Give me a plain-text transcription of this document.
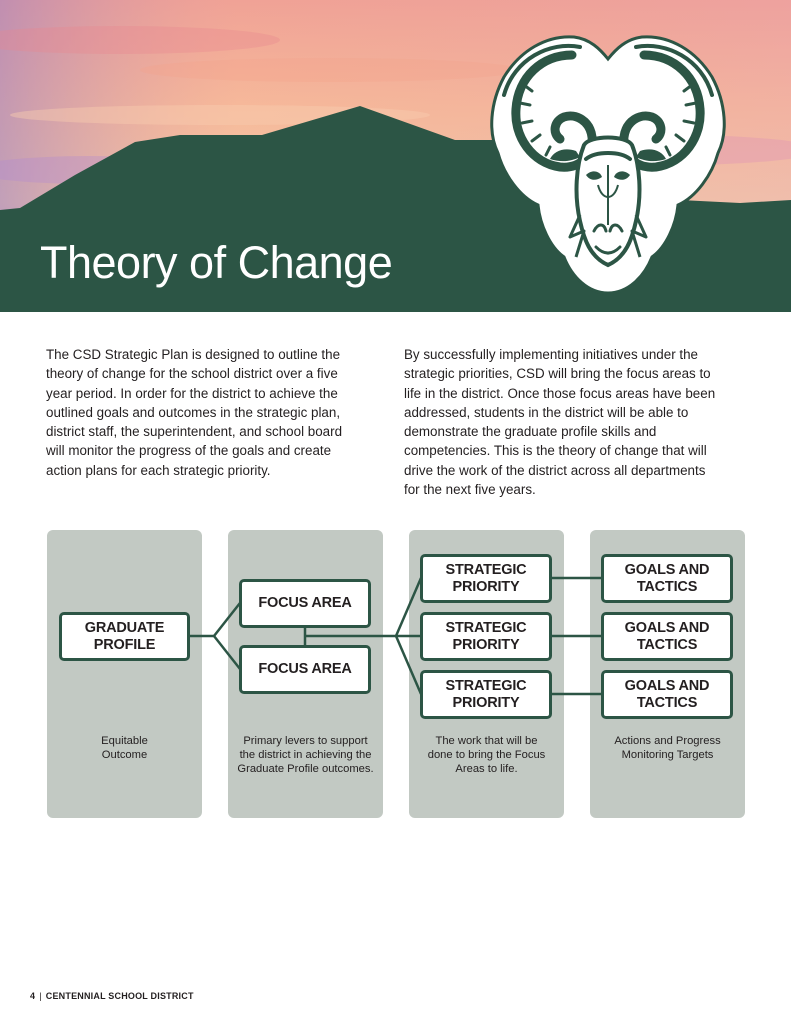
Theory of Change

The CSD Strategic Plan is designed to outline the theory of change for the school district over a five year period. In order for the district to achieve the outlined goals and outcomes in the strategic plan, district staff, the superintendent, and school board will monitor the progress of the goals and create action plans for each strategic priority.

By successfully implementing initiatives under the strategic priorities, CSD will bring the focus areas to life in the district. Once those focus areas have been addressed, students in the district will be able to demonstrate the graduate profile skills and competencies. This is the theory of change that will drive the work of the district across all departments for the next five years.

Equitable
Outcome
Primary levers to support
the district in achieving the
Graduate Profile outcomes.
The work that will be
done to bring the Focus
Areas to life.
Actions and Progress
Monitoring Targets
GRADUATE
PROFILE
FOCUS AREA
FOCUS AREA
STRATEGIC
PRIORITY
STRATEGIC
PRIORITY
STRATEGIC
PRIORITY
GOALS AND
TACTICS
GOALS AND
TACTICS
GOALS AND
TACTICS
4 | CENTENNIAL SCHOOL DISTRICT
